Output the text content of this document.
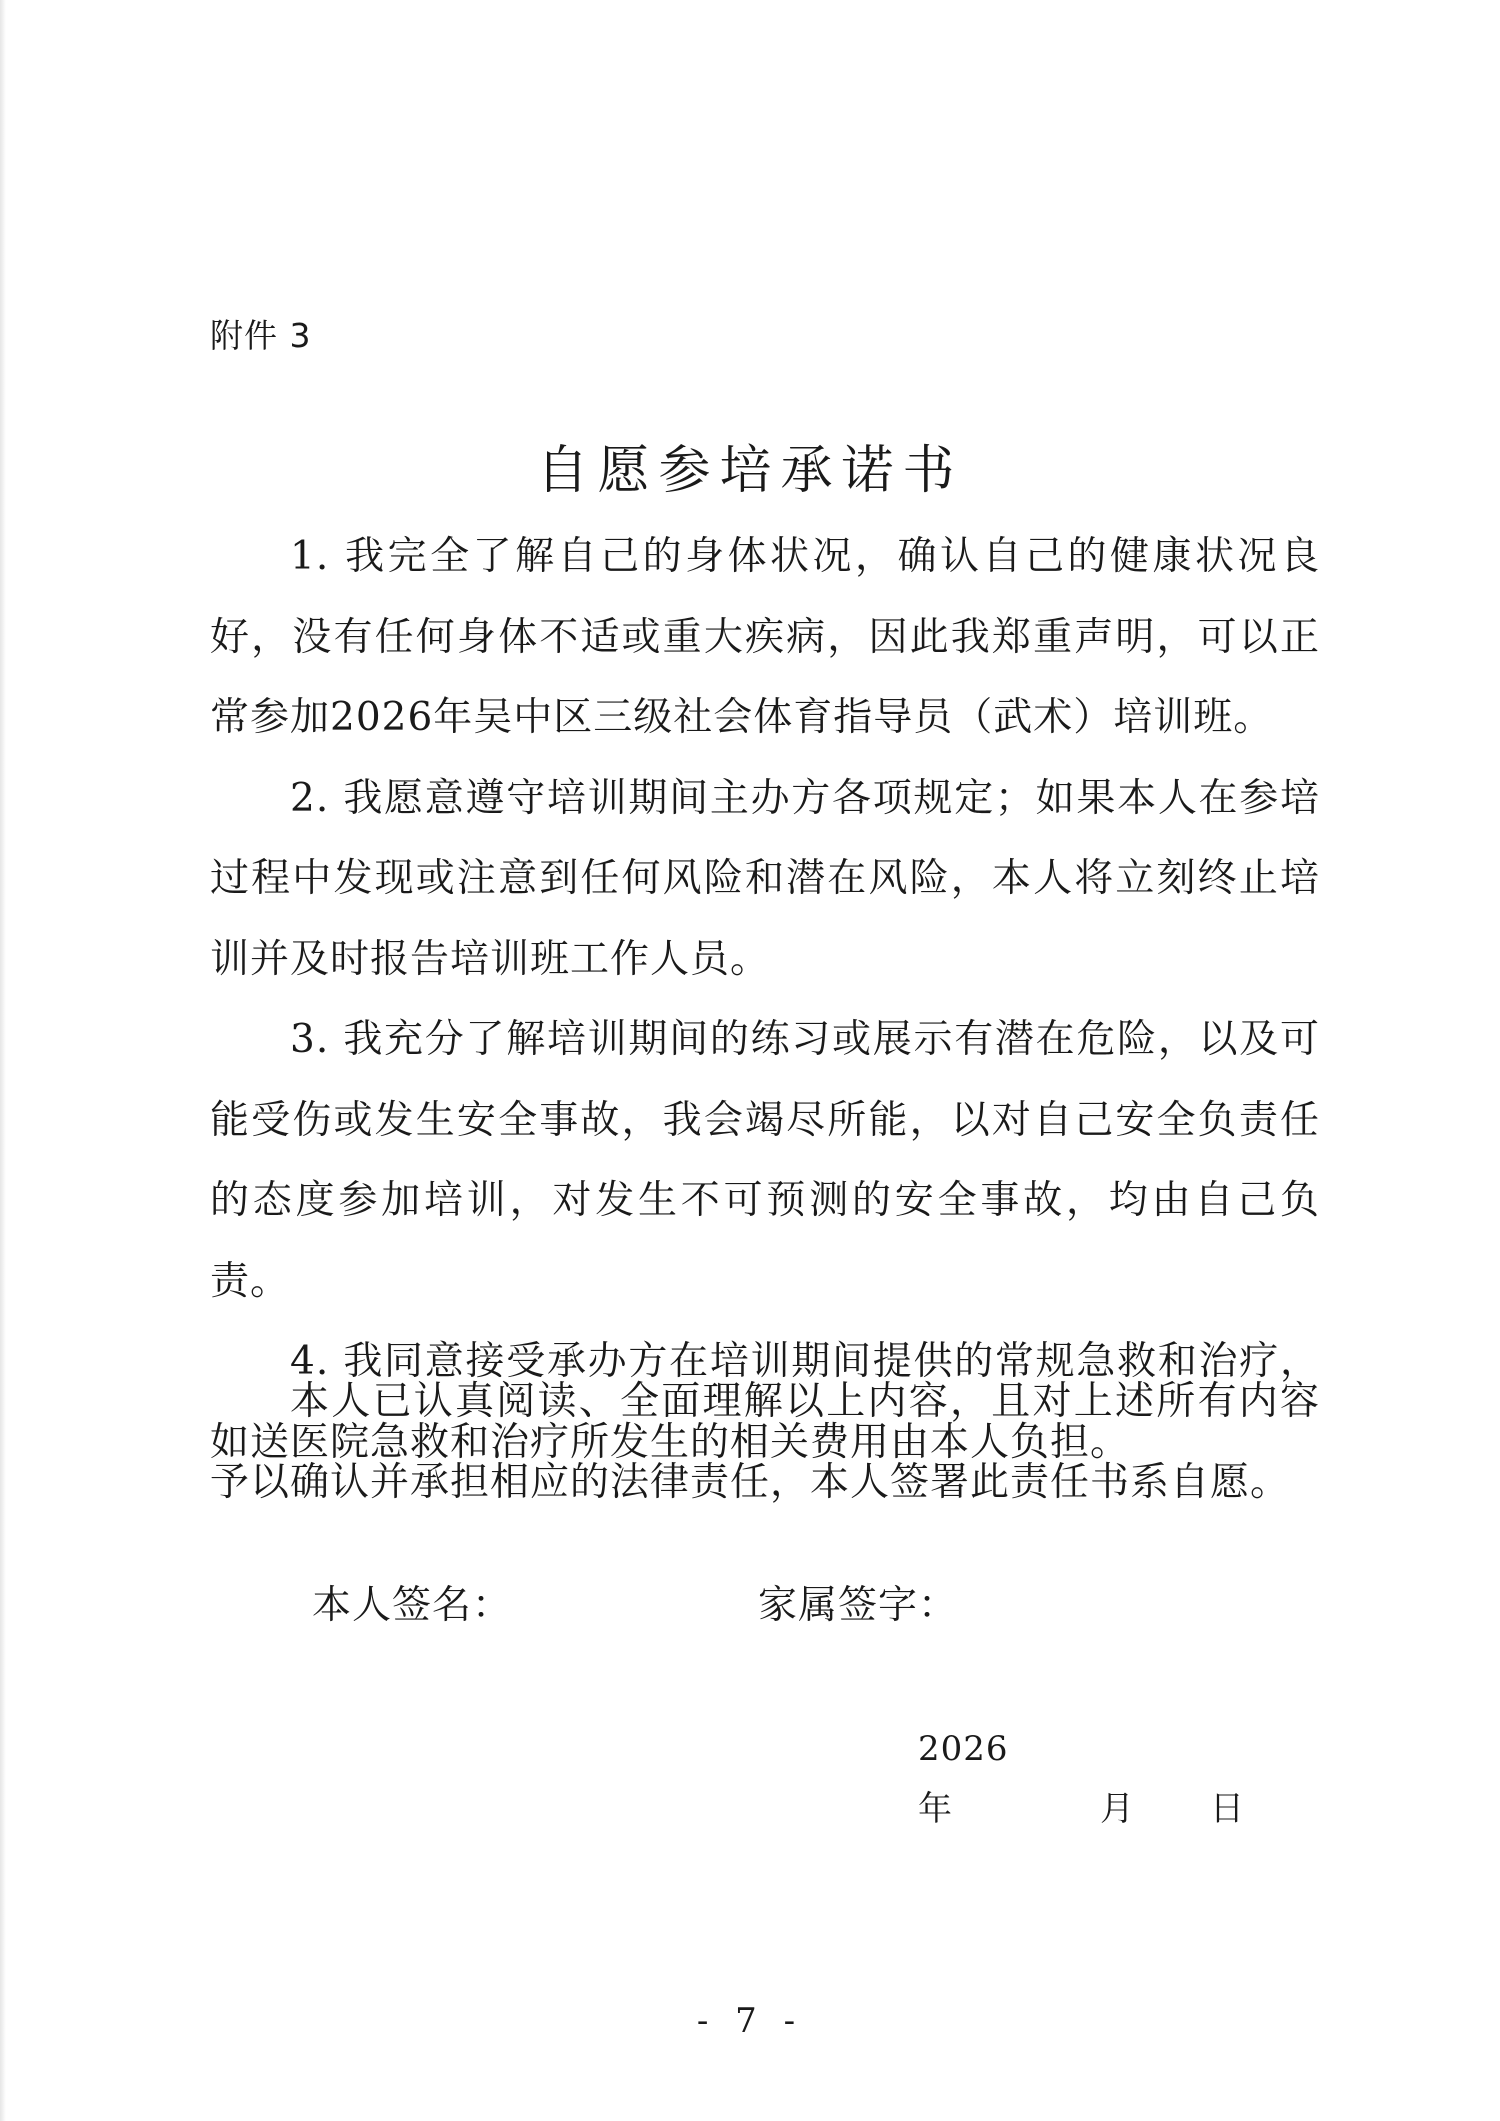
附件 3
自愿参培承诺书

1. 我完全了解自己的身体状况，确认自己的健康状况良好，没有任何身体不适或重大疾病，因此我郑重声明，可以正常参加2026年吴中区三级社会体育指导员（武术）培训班。

2. 我愿意遵守培训期间主办方各项规定；如果本人在参培过程中发现或注意到任何风险和潜在风险，本人将立刻终止培训并及时报告培训班工作人员。

3. 我充分了解培训期间的练习或展示有潜在危险，以及可能受伤或发生安全事故，我会竭尽所能，以对自己安全负责任的态度参加培训，对发生不可预测的安全事故，均由自己负责。

4. 我同意接受承办方在培训期间提供的常规急救和治疗，如送医院急救和治疗所发生的相关费用由本人负担。

本人已认真阅读、全面理解以上内容，且对上述所有内容予以确认并承担相应的法律责任，本人签署此责任书系自愿。

本人签名：	家属签字：
2026 年	月 日
- 7 -
